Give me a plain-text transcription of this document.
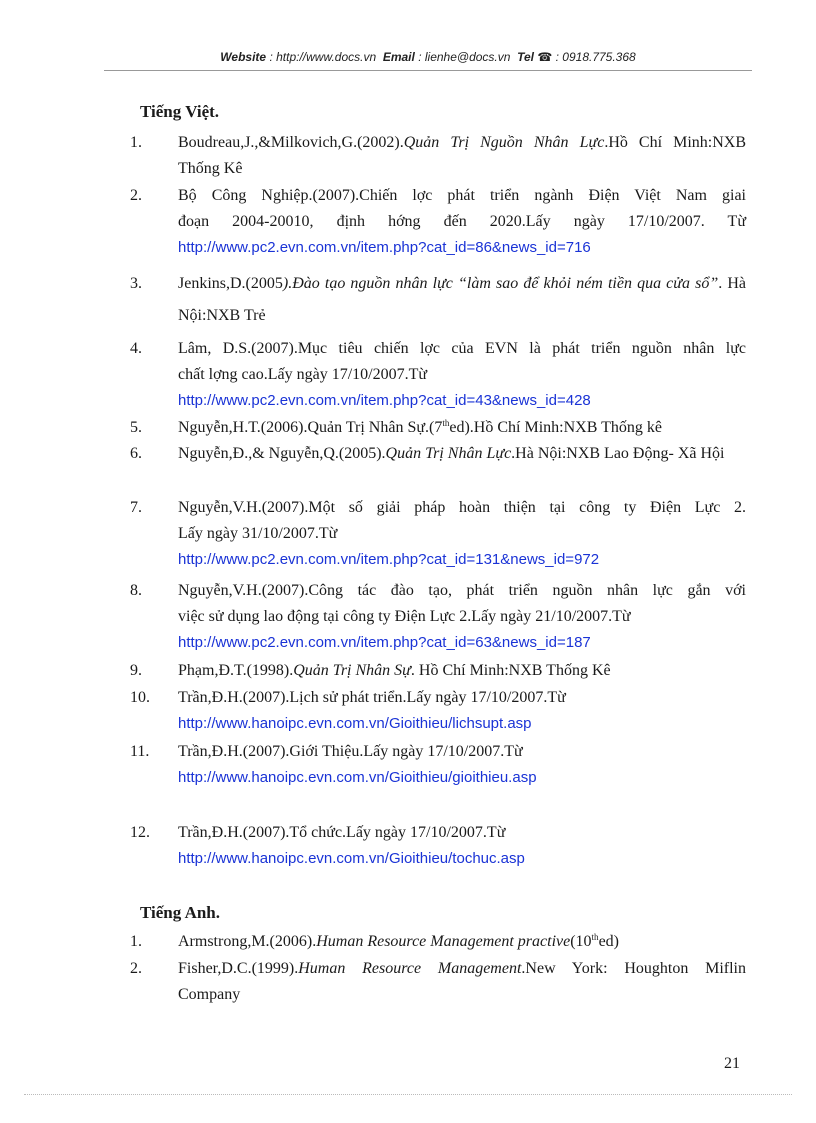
Website : http://www.docs.vn Email : lienhe@docs.vn Tel ☎ : 0918.775.368
Tiếng Việt.
1.	Boudreau,J.,&Milkovich,G.(2002).Quản Trị Nguồn Nhân Lực.Hồ Chí Minh:NXB Thống Kê
2.	Bộ Công Nghiệp.(2007).Chiến lợc phát triển ngành Điện Việt Nam giai
đoạn 2004-20010, định hớng đến 2020.Lấy ngày 17/10/2007. Từ
http://www.pc2.evn.com.vn/item.php?cat_id=86&news_id=716
3.	Jenkins,D.(2005).Đào tạo nguồn nhân lực “làm sao để khỏi ném tiền qua cửa sổ”. Hà Nội:NXB Trẻ
4.	Lâm, D.S.(2007).Mục tiêu chiến lợc của EVN là phát triển nguồn nhân lực
chất lợng cao.Lấy ngày 17/10/2007.Từ
http://www.pc2.evn.com.vn/item.php?cat_id=43&news_id=428
5.	Nguyễn,H.T.(2006).Quản Trị Nhân Sự.(7thed).Hồ Chí Minh:NXB Thống kê
6.	Nguyễn,Đ.,& Nguyễn,Q.(2005).Quản Trị Nhân Lực.Hà Nội:NXB Lao Động- Xã Hội
7.	Nguyễn,V.H.(2007).Một số giải pháp hoàn thiện tại công ty Điện Lực 2.
Lấy ngày 31/10/2007.Từ
http://www.pc2.evn.com.vn/item.php?cat_id=131&news_id=972
8.	Nguyễn,V.H.(2007).Công tác đào tạo, phát triển nguồn nhân lực gắn với
việc sử dụng lao động tại công ty Điện Lực 2.Lấy ngày 21/10/2007.Từ
http://www.pc2.evn.com.vn/item.php?cat_id=63&news_id=187
9.	Phạm,Đ.T.(1998).Quản Trị Nhân Sự. Hồ Chí Minh:NXB Thống Kê
10.	Trần,Đ.H.(2007).Lịch sử phát triển.Lấy ngày 17/10/2007.Từ
http://www.hanoipc.evn.com.vn/Gioithieu/lichsupt.asp
11.	Trần,Đ.H.(2007).Giới Thiệu.Lấy ngày 17/10/2007.Từ
http://www.hanoipc.evn.com.vn/Gioithieu/gioithieu.asp
12.	Trần,Đ.H.(2007).Tổ chức.Lấy ngày 17/10/2007.Từ
http://www.hanoipc.evn.com.vn/Gioithieu/tochuc.asp
Tiếng Anh.
1.	Armstrong,M.(2006).Human Resource Management practive(10thed)
2.	Fisher,D.C.(1999).Human Resource Management.New York: Houghton Miflin Company
21
